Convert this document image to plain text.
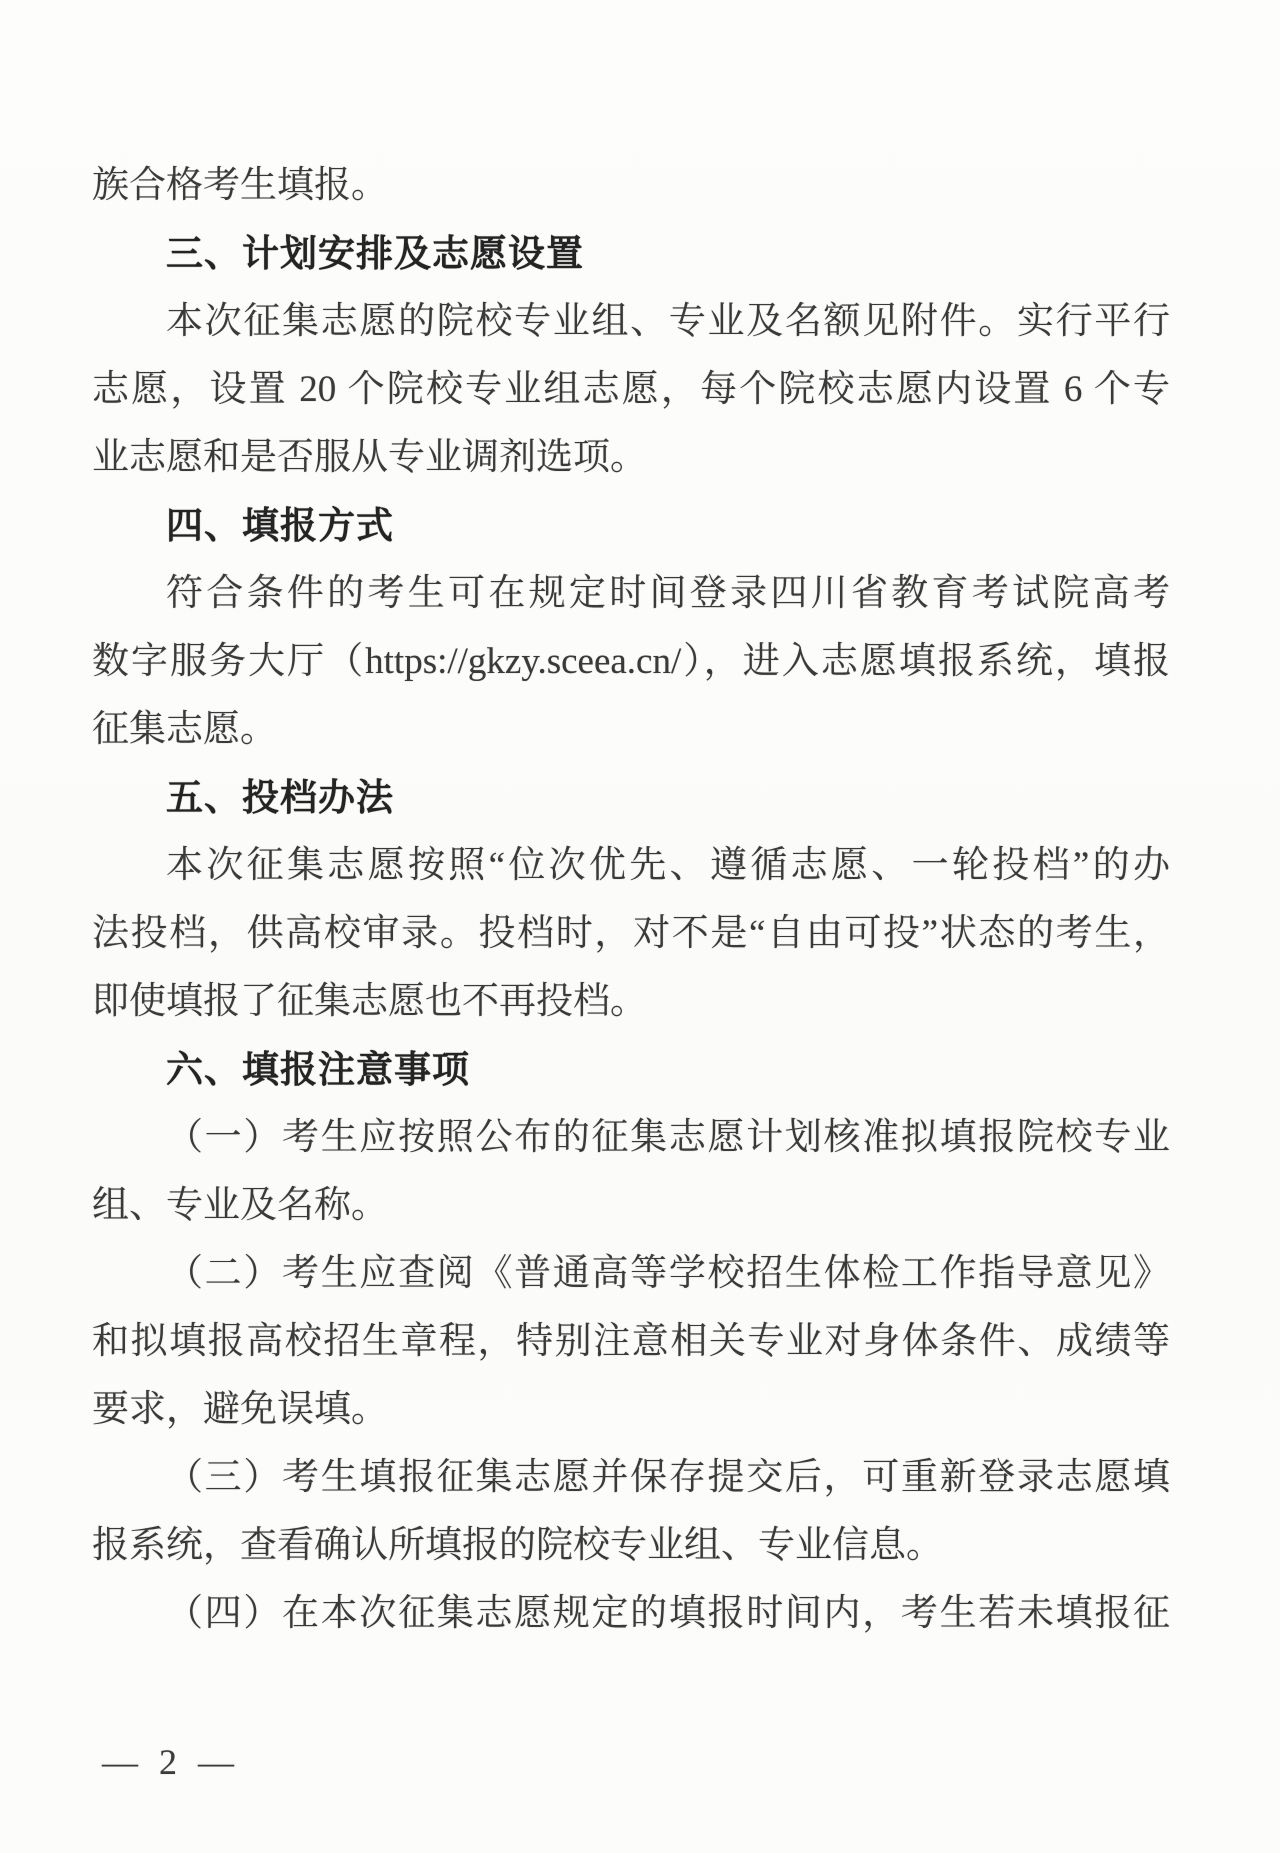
族合格考生填报。
三、计划安排及志愿设置
本次征集志愿的院校专业组、专业及名额见附件。实行平行
志愿，设置 20 个院校专业组志愿，每个院校志愿内设置 6 个专
业志愿和是否服从专业调剂选项。
四、填报方式
符合条件的考生可在规定时间登录四川省教育考试院高考
数字服务大厅（https://gkzy.sceea.cn/），进入志愿填报系统，填报
征集志愿。
五、投档办法
本次征集志愿按照“位次优先、遵循志愿、一轮投档”的办
法投档，供高校审录。投档时，对不是“自由可投”状态的考生，
即使填报了征集志愿也不再投档。
六、填报注意事项
（一）考生应按照公布的征集志愿计划核准拟填报院校专业
组、专业及名称。
（二）考生应查阅《普通高等学校招生体检工作指导意见》
和拟填报高校招生章程，特别注意相关专业对身体条件、成绩等
要求，避免误填。
（三）考生填报征集志愿并保存提交后，可重新登录志愿填
报系统，查看确认所填报的院校专业组、专业信息。
（四）在本次征集志愿规定的填报时间内，考生若未填报征
— 2 —
